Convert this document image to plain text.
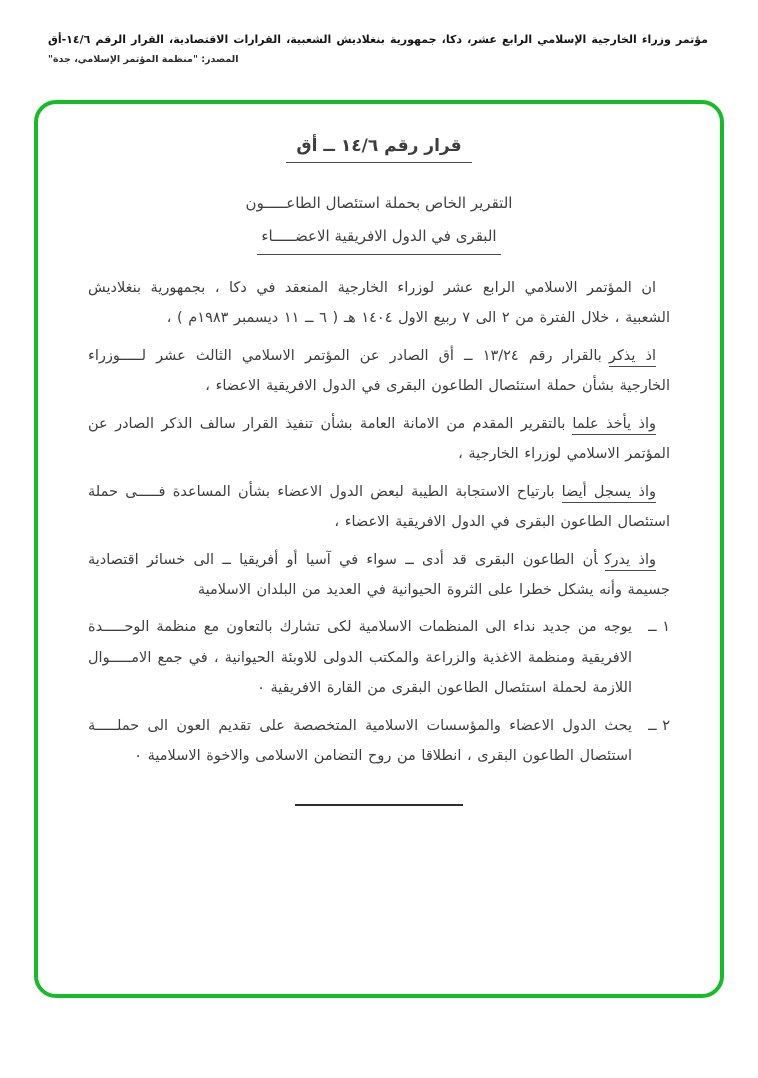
مؤتمر وزراء الخارجية الإسلامي الرابع عشر، دكا، جمهورية بنغلاديش الشعبية، القرارات الاقتصادية، القرار الرقم ١٤/٦-أق
المصدر: "منظمة المؤتمر الإسلامي، جدة"
قرار رقم ١٤/٦ ــ أق
التقرير الخاص بحملة استئصال الطاعـــــون
البقرى في الدول الافريقية الاعضـــــاء

ان المؤتمر الاسلامي الرابع عشر لوزراء الخارجية المنعقد في دكا ، بجمهورية بنغلاديش الشعبية ، خلال الفترة من ٢ الى ٧ ربيع الاول ١٤٠٤ هـ ( ٦ ــ ١١ ديسمبر ١٩٨٣م ) ،

اذ يذكربالقرار رقم ١٣/٢٤ ــ أق الصادر عن المؤتمر الاسلامي الثالث عشر لـــــوزراء الخارجية بشأن حملة استئصال الطاعون البقرى في الدول الافريقية الاعضاء ،

واذ يأخذ علمابالتقرير المقدم من الامانة العامة بشأن تنفيذ القرار سالف الذكر الصادر عن المؤتمر الاسلامي لوزراء الخارجية ،

واذ يسجل أيضابارتياح الاستجابة الطيبة لبعض الدول الاعضاء بشأن المساعدة فـــــى حملة استئصال الطاعون البقرى في الدول الافريقية الاعضاء ،

واذ يدركأن الطاعون البقرى قد أدى ــ سواء في آسيا أو أفريقيا ــ الى خسائر اقتصادية جسيمة وأنه يشكل خطرا على الثروة الحيوانية في العديد من البلدان الاسلامية

١ ــ
يوجه من جديد نداء الى المنظمات الاسلامية لكى تشارك بالتعاون مع منظمة الوحـــــدة الافريقية ومنظمة الاغذية والزراعة والمكتب الدولى للاوبئة الحيوانية ، في جمع الامـــــوال اللازمة لحملة استئصال الطاعون البقرى من القارة الافريقية ٠

٢ ــ
يحث الدول الاعضاء والمؤسسات الاسلامية المتخصصة على تقديم العون الى حملـــــة استئصال الطاعون البقرى ، انطلاقا من روح التضامن الاسلامى والاخوة الاسلامية ٠
